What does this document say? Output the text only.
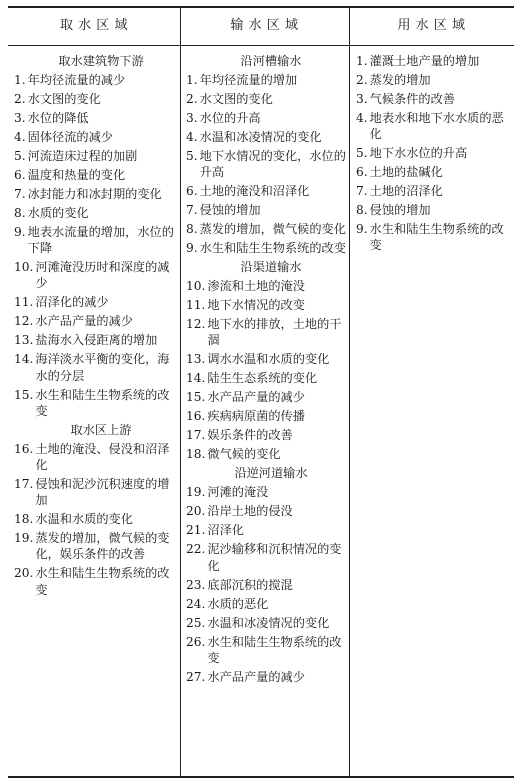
取 水 区 域	输 水 区 域	用 水 区 域
取水建筑物下游
1. 年均径流量的减少
2. 水文图的变化
3. 水位的降低
4. 固体径流的减少
5. 河流造床过程的加剧
6. 温度和热量的变化
7. 冰封能力和冰封期的变化
8. 水质的变化
9. 地表水流量的增加，水位的下降
10. 河滩淹没历时和深度的减少
11. 沼泽化的减少
12. 水产品产量的减少
13. 盐海水入侵距离的增加
14. 海洋淡水平衡的变化，海水的分层
15. 水生和陆生生物系统的改变
取水区上游
16. 土地的淹没、侵没和沼泽化
17. 侵蚀和泥沙沉积速度的增加
18. 水温和水质的变化
19. 蒸发的增加，微气候的变化，娱乐条件的改善
20. 水生和陆生生物系统的改变
沿河槽输水
1. 年均径流量的增加
2. 水文图的变化
3. 水位的升高
4. 水温和冰凌情况的变化
5. 地下水情况的变化，水位的升高
6. 土地的淹没和沼泽化
7. 侵蚀的增加
8. 蒸发的增加，微气候的变化
9. 水生和陆生生物系统的改变
沿渠道输水
10. 渗流和土地的淹没
11. 地下水情况的改变
12. 地下水的排放，土地的干涸
13. 调水水温和水质的变化
14. 陆生生态系统的变化
15. 水产品产量的减少
16. 疾病病原菌的传播
17. 娱乐条件的改善
18. 微气候的变化
沿逆河道输水
19. 河滩的淹没
20. 沿岸土地的侵没
21. 沼泽化
22. 泥沙输移和沉积情况的变化
23. 底部沉积的搅混
24. 水质的恶化
25. 水温和冰凌情况的变化
26. 水生和陆生生物系统的改变
27. 水产品产量的减少
1. 灌溉土地产量的增加
2. 蒸发的增加
3. 气候条件的改善
4. 地表水和地下水水质的恶化
5. 地下水水位的升高
6. 土地的盐碱化
7. 土地的沼泽化
8. 侵蚀的增加
9. 水生和陆生生物系统的改变
